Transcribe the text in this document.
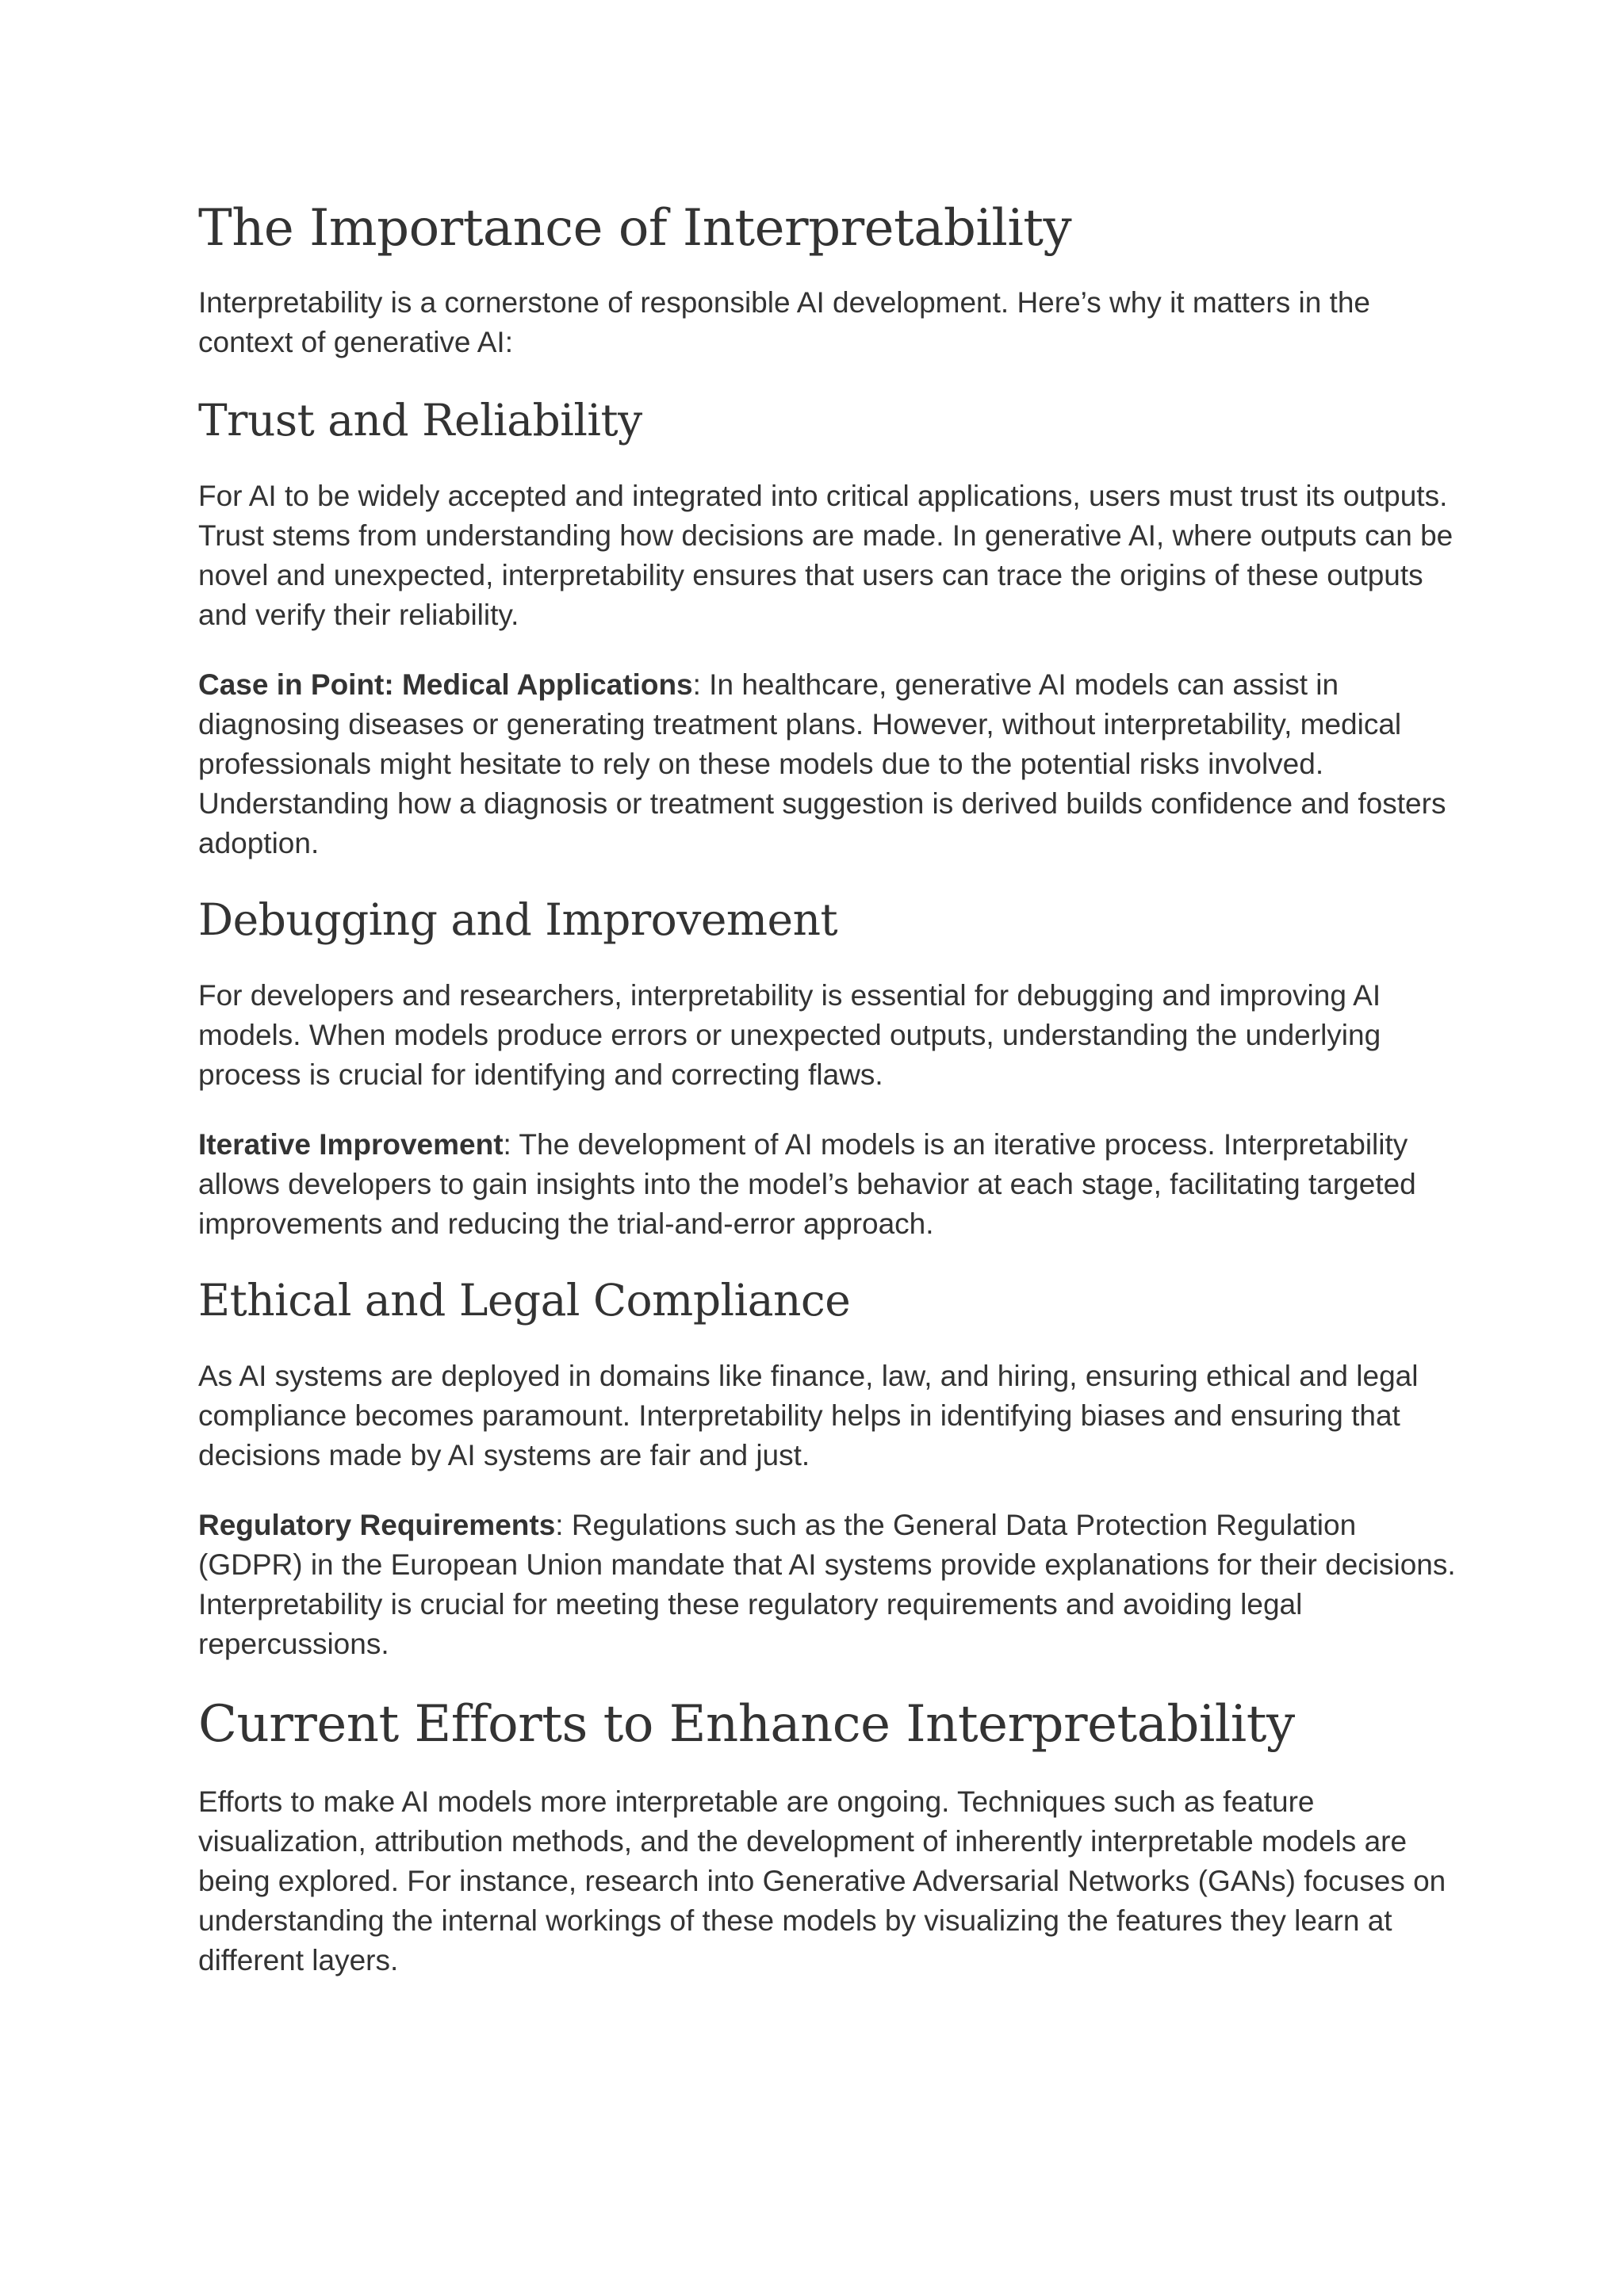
The Importance of Interpretability

Interpretability is a cornerstone of responsible AI development. Here’s why it matters in the context of generative AI:

Trust and Reliability

For AI to be widely accepted and integrated into critical applications, users must trust its outputs. Trust stems from understanding how decisions are made. In generative AI, where outputs can be novel and unexpected, interpretability ensures that users can trace the origins of these outputs and verify their reliability.

Case in Point: Medical Applications: In healthcare, generative AI models can assist in diagnosing diseases or generating treatment plans. However, without interpretability, medical professionals might hesitate to rely on these models due to the potential risks involved. Understanding how a diagnosis or treatment suggestion is derived builds confidence and fosters adoption.

Debugging and Improvement

For developers and researchers, interpretability is essential for debugging and improving AI models. When models produce errors or unexpected outputs, understanding the underlying process is crucial for identifying and correcting flaws.

Iterative Improvement: The development of AI models is an iterative process. Interpretability allows developers to gain insights into the model’s behavior at each stage, facilitating targeted improvements and reducing the trial-and-error approach.

Ethical and Legal Compliance

As AI systems are deployed in domains like finance, law, and hiring, ensuring ethical and legal compliance becomes paramount. Interpretability helps in identifying biases and ensuring that decisions made by AI systems are fair and just.

Regulatory Requirements: Regulations such as the General Data Protection Regulation (GDPR) in the European Union mandate that AI systems provide explanations for their decisions. Interpretability is crucial for meeting these regulatory requirements and avoiding legal repercussions.

Current Efforts to Enhance Interpretability

Efforts to make AI models more interpretable are ongoing. Techniques such as feature visualization, attribution methods, and the development of inherently interpretable models are being explored. For instance, research into Generative Adversarial Networks (GANs) focuses on understanding the internal workings of these models by visualizing the features they learn at different layers.
